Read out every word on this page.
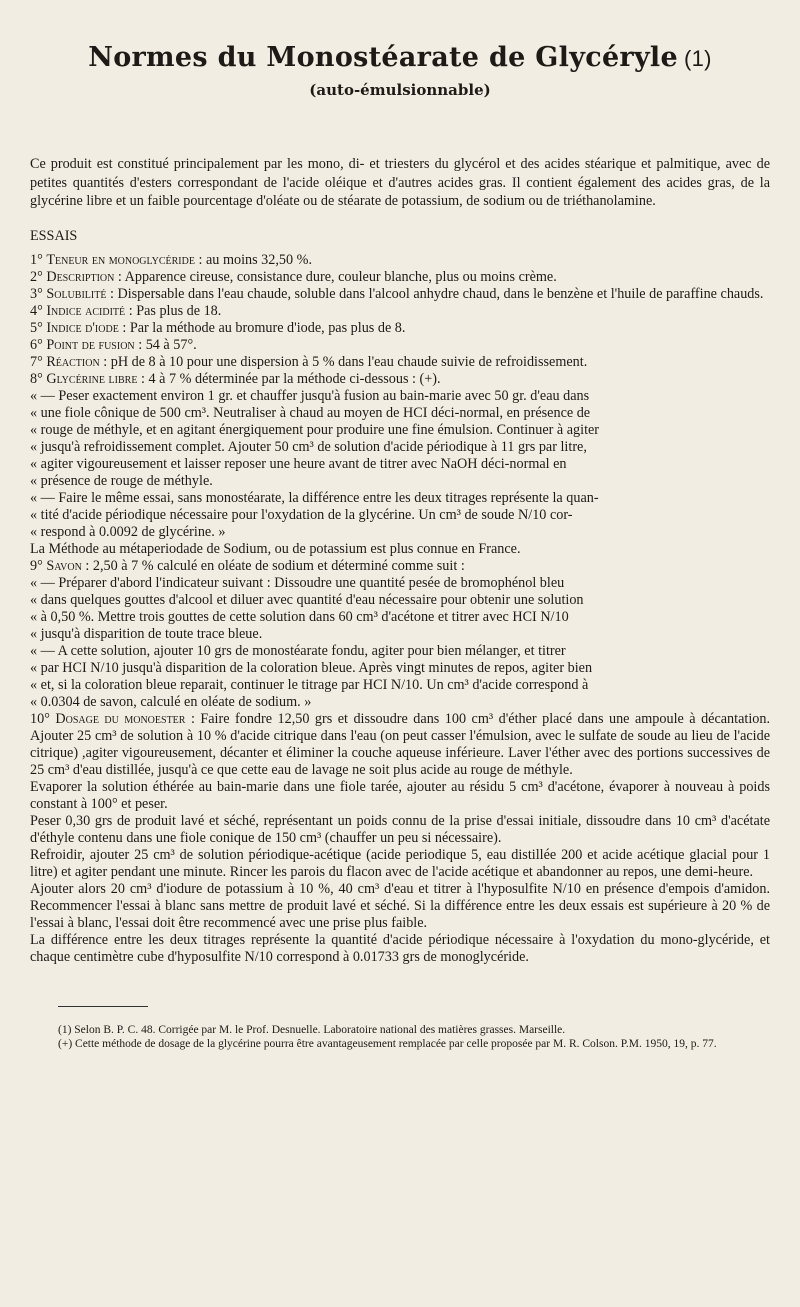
Normes du Monostéarate de Glycéryle (1)
(auto-émulsionnable)

Ce produit est constitué principalement par les mono, di- et triesters du glycérol et des acides stéarique et palmitique, avec de petites quantités d'esters correspondant de l'acide oléique et d'autres acides gras. Il contient également des acides gras, de la glycérine libre et un faible pourcentage d'oléate ou de stéarate de potassium, de sodium ou de triéthanolamine.

ESSAIS

1° Teneur en monoglycéride : au moins 32,50 %.

2° Description : Apparence cireuse, consistance dure, couleur blanche, plus ou moins crème.

3° Solubilité : Dispersable dans l'eau chaude, soluble dans l'alcool anhydre chaud, dans le benzène et l'huile de paraffine chauds.

4° Indice acidité : Pas plus de 18.

5° Indice d'iode : Par la méthode au bromure d'iode, pas plus de 8.

6° Point de fusion : 54 à 57°.

7° Réaction : pH de 8 à 10 pour une dispersion à 5 % dans l'eau chaude suivie de refroidissement.

8° Glycérine libre : 4 à 7 % déterminée par la méthode ci-dessous : (+).

« — Peser exactement environ 1 gr. et chauffer jusqu'à fusion au bain-marie avec 50 gr. d'eau dans

« une fiole cônique de 500 cm³. Neutraliser à chaud au moyen de HCI déci-normal, en présence de

« rouge de méthyle, et en agitant énergiquement pour produire une fine émulsion. Continuer à agiter

« jusqu'à refroidissement complet. Ajouter 50 cm³ de solution d'acide périodique à 11 grs par litre,

« agiter vigoureusement et laisser reposer une heure avant de titrer avec NaOH déci-normal en

« présence de rouge de méthyle.

« — Faire le même essai, sans monostéarate, la différence entre les deux titrages représente la quan-

« tité d'acide périodique nécessaire pour l'oxydation de la glycérine. Un cm³ de soude N/10 cor-

« respond à 0.0092 de glycérine. »

La Méthode au métaperiodade de Sodium, ou de potassium est plus connue en France.

9° Savon : 2,50 à 7 % calculé en oléate de sodium et déterminé comme suit :

« — Préparer d'abord l'indicateur suivant : Dissoudre une quantité pesée de bromophénol bleu

« dans quelques gouttes d'alcool et diluer avec quantité d'eau nécessaire pour obtenir une solution

« à 0,50 %. Mettre trois gouttes de cette solution dans 60 cm³ d'acétone et titrer avec HCI N/10

« jusqu'à disparition de toute trace bleue.

« — A cette solution, ajouter 10 grs de monostéarate fondu, agiter pour bien mélanger, et titrer

« par HCI N/10 jusqu'à disparition de la coloration bleue. Après vingt minutes de repos, agiter bien

« et, si la coloration bleue reparait, continuer le titrage par HCI N/10. Un cm³ d'acide correspond à

« 0.0304 de savon, calculé en oléate de sodium. »

10° Dosage du monoester : Faire fondre 12,50 grs et dissoudre dans 100 cm³ d'éther placé dans une ampoule à décantation. Ajouter 25 cm³ de solution à 10 % d'acide citrique dans l'eau (on peut casser l'émulsion, avec le sulfate de soude au lieu de l'acide citrique) ,agiter vigoureusement, décanter et éliminer la couche aqueuse inférieure. Laver l'éther avec des portions successives de 25 cm³ d'eau distillée, jusqu'à ce que cette eau de lavage ne soit plus acide au rouge de méthyle.

Evaporer la solution éthérée au bain-marie dans une fiole tarée, ajouter au résidu 5 cm³ d'acétone, évaporer à nouveau à poids constant à 100° et peser.

Peser 0,30 grs de produit lavé et séché, représentant un poids connu de la prise d'essai initiale, dissoudre dans 10 cm³ d'acétate d'éthyle contenu dans une fiole conique de 150 cm³ (chauffer un peu si nécessaire).

Refroidir, ajouter 25 cm³ de solution périodique-acétique (acide periodique 5, eau distillée 200 et acide acétique glacial pour 1 litre) et agiter pendant une minute. Rincer les parois du flacon avec de l'acide acétique et abandonner au repos, une demi-heure.

Ajouter alors 20 cm³ d'iodure de potassium à 10 %, 40 cm³ d'eau et titrer à l'hyposulfite N/10 en présence d'empois d'amidon. Recommencer l'essai à blanc sans mettre de produit lavé et séché. Si la différence entre les deux essais est supérieure à 20 % de l'essai à blanc, l'essai doit être recommencé avec une prise plus faible.

La différence entre les deux titrages représente la quantité d'acide périodique nécessaire à l'oxydation du mono-glycéride, et chaque centimètre cube d'hyposulfite N/10 correspond à 0.01733 grs de monoglycéride.

(1) Selon B. P. C. 48. Corrigée par M. le Prof. Desnuelle. Laboratoire national des matières grasses. Marseille.
(+) Cette méthode de dosage de la glycérine pourra être avantageusement remplacée par celle proposée par M. R. Colson. P.M. 1950, 19, p. 77.
